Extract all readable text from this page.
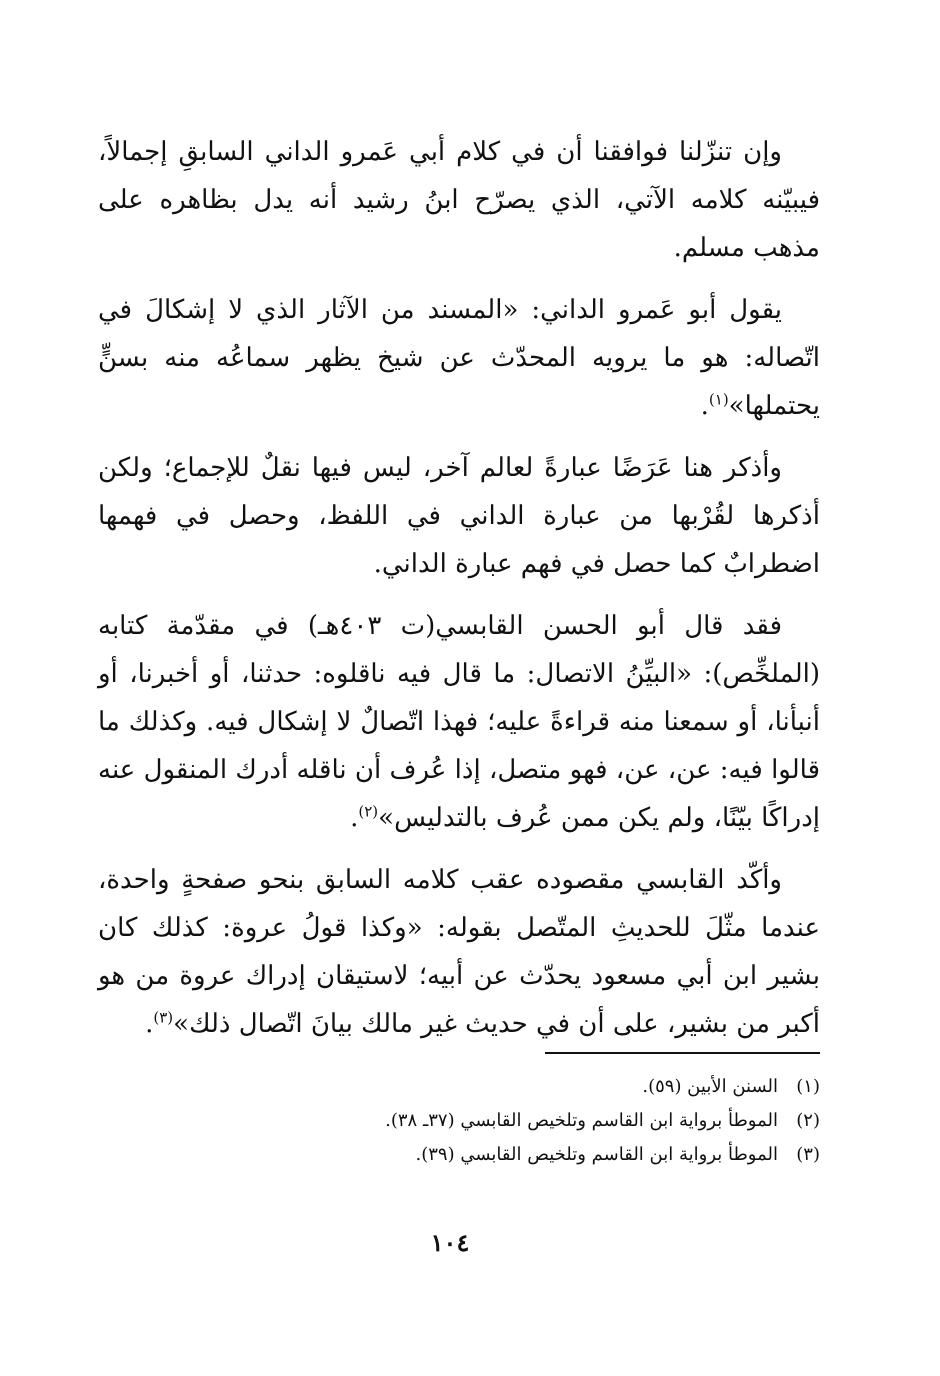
وإن تنزّلنا فوافقنا أن في كلام أبي عَمرو الداني السابقِ إجمالاً، فيبيّنه كلامه الآتي، الذي يصرّح ابنُ رشيد أنه يدل بظاهره على مذهب مسلم.

يقول أبو عَمرو الداني: «المسند من الآثار الذي لا إشكالَ في اتّصاله: هو ما يرويه المحدّث عن شيخ يظهر سماعُه منه بسنٍّ يحتملها»$^{(١)}$.

وأذكر هنا عَرَضًا عبارةً لعالم آخر، ليس فيها نقلٌ للإجماع؛ ولكن أذكرها لقُرْبها من عبارة الداني في اللفظ، وحصل في فهمها اضطرابٌ كما حصل في فهم عبارة الداني.

فقد قال أبو الحسن القابسي(ت ٤٠٣هـ) في مقدّمة كتابه (الملخِّص): «البيِّنُ الاتصال: ما قال فيه ناقلوه: حدثنا، أو أخبرنا، أو أنبأنا، أو سمعنا منه قراءةً عليه؛ فهذا اتّصالٌ لا إشكال فيه. وكذلك ما قالوا فيه: عن، عن، فهو متصل، إذا عُرف أن ناقله أدرك المنقول عنه إدراكًا بيّنًا، ولم يكن ممن عُرف بالتدليس»$^{(٢)}$.

وأكّد القابسي مقصوده عقب كلامه السابق بنحو صفحةٍ واحدة، عندما مثّلَ للحديثِ المتّصل بقوله: «وكذا قولُ عروة: كذلك كان بشير ابن أبي مسعود يحدّث عن أبيه؛ لاستيقان إدراك عروة من هو أكبر من بشير، على أن في حديث غير مالك بيانَ اتّصال ذلك»$^{(٣)}$.

(١)
السنن الأبين (٥٩).
(٢)
الموطأ برواية ابن القاسم وتلخيص القابسي (٣٧ـ ٣٨).
(٣)
الموطأ برواية ابن القاسم وتلخيص القابسي (٣٩).
١٠٤
